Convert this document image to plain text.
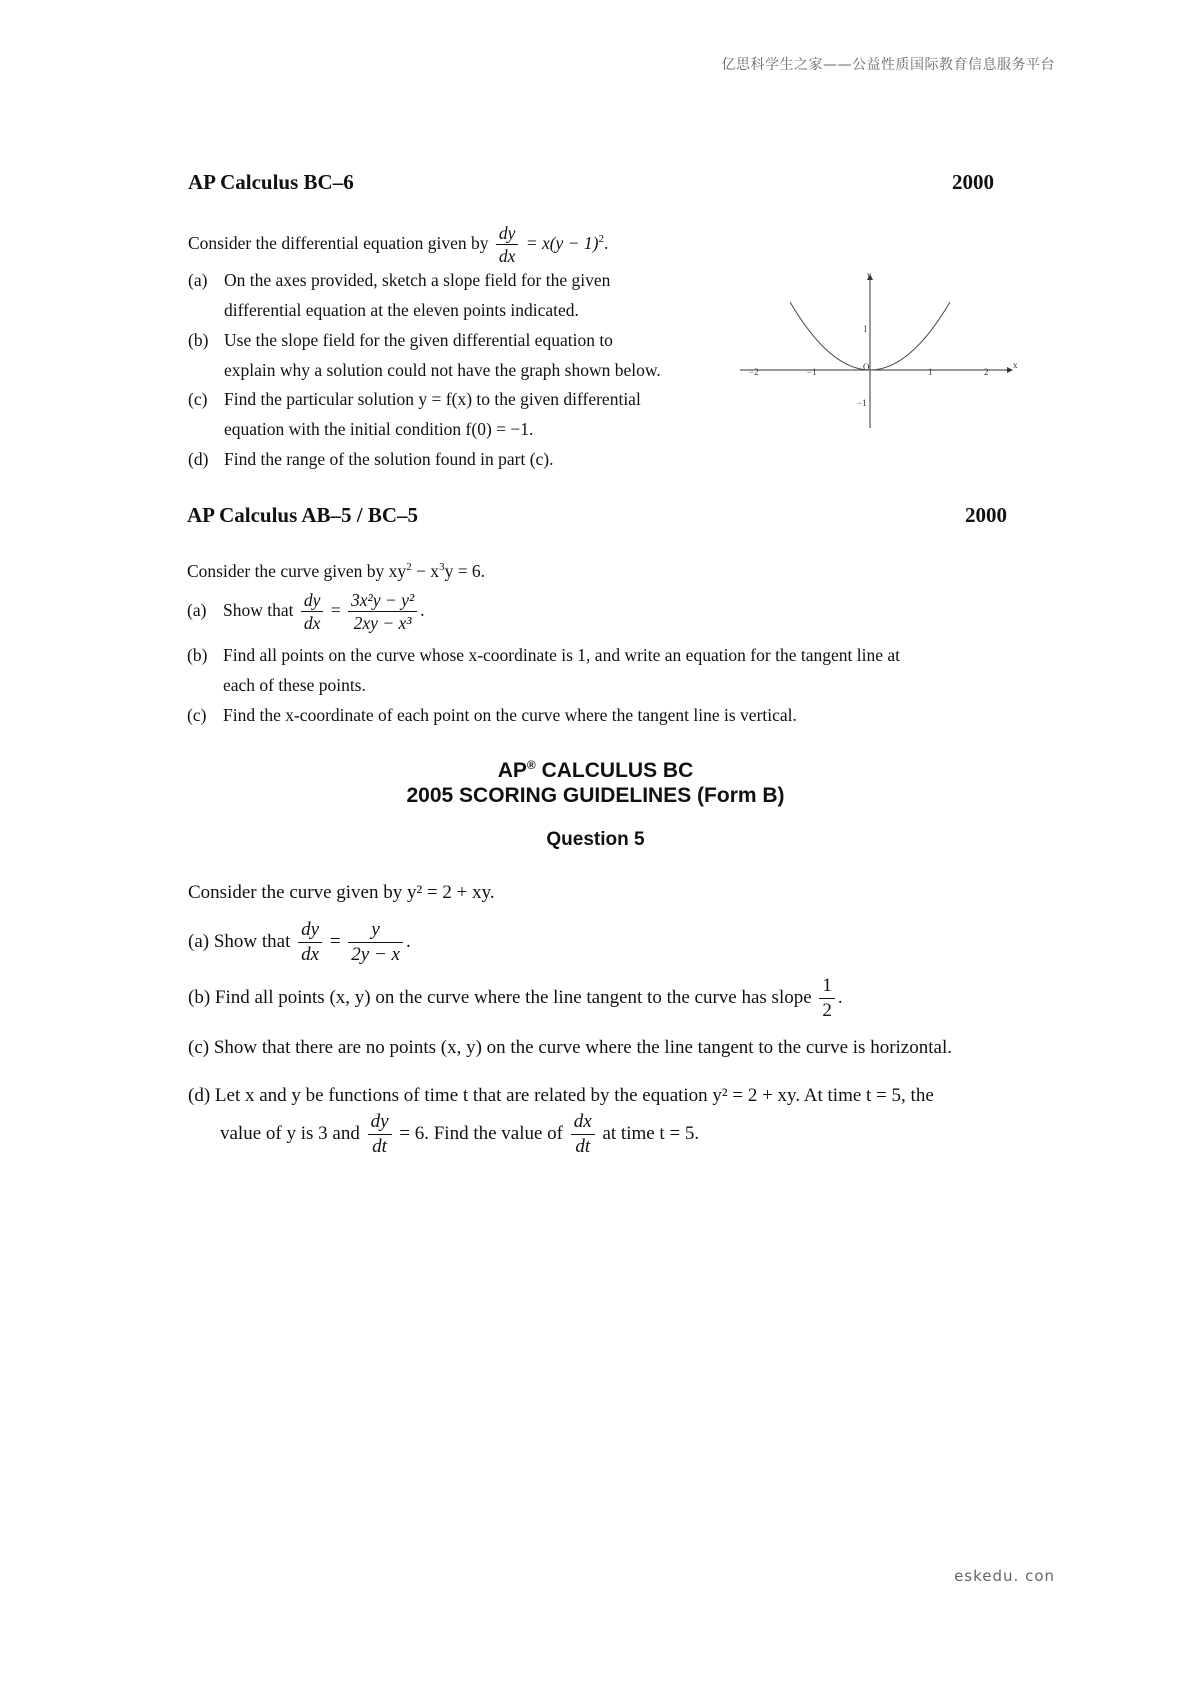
亿思科学生之家——公益性质国际教育信息服务平台
eskedu. con
AP Calculus BC–6	2000
Consider the differential equation given by $\frac{dy}{dx} = x(y - 1)^2$.
(a) On the axes provided, sketch a slope field for the given
differential equation at the eleven points indicated.
(b) Use the slope field for the given differential equation to
explain why a solution could not have the graph shown below.
(c) Find the particular solution y = f(x) to the given differential
equation with the initial condition f(0) = −1.
(d) Find the range of the solution found in part (c).
y
x
O
−2	−1	1	2
1
−1
AP Calculus AB–5 / BC–5	2000
Consider the curve given by $xy^2 - x^3y = 6$.
(a) Show that $\frac{dy}{dx} = \frac{\text{3x²y − y²}}{\text{2xy − x³}}$ .
(b) Find all points on the curve whose x-coordinate is 1, and write an equation for the tangent line at
each of these points.
(c) Find the x-coordinate of each point on the curve where the tangent line is vertical.
AP® CALCULUS BC
2005 SCORING GUIDELINES (Form B)
Question 5
Consider the curve given by y² = 2 + xy.
(a) Show that $\frac{dy}{dx} = \frac{y}{2y - x}$ .
(b) Find all points (x, y) on the curve where the line tangent to the curve has slope $\frac{1}{2}$ .
(c) Show that there are no points (x, y) on the curve where the line tangent to the curve is horizontal.
(d) Let x and y be functions of time t that are related by the equation y² = 2 + xy. At time t = 5, the
value of y is 3 and $\frac{dy}{dt} = 6$. Find the value of $\frac{dx}{dt}$ at time t = 5.
